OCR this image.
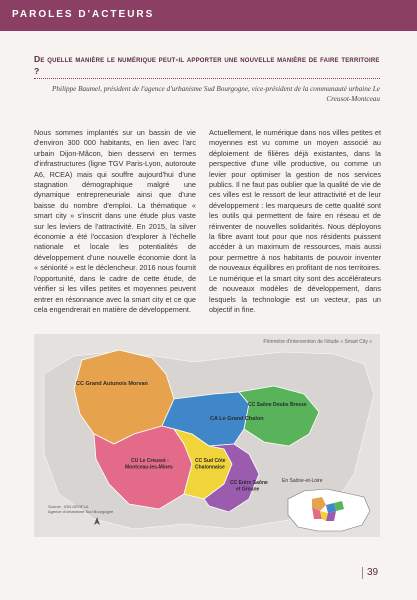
PAROLES D'ACTEURS
De quelle manière le numérique peut-il apporter une nouvelle manière de faire territoire ?
Philippe Baumel, président de l'agence d'urbanisme Sud Bourgogne, vice-président de la communauté urbaine Le Creusot-Montceau
Nous sommes implantés sur un bassin de vie d'environ 300 000 habitants, en lien avec l'arc urbain Dijon-Mâcon, bien desservi en termes d'infrastructures (ligne TGV Paris-Lyon, autoroute A6, RCEA) mais qui souffre aujourd'hui d'une stagnation démographique malgré une dynamique entrepreneuriale ainsi que d'une baisse du nombre d'emploi. La thématique « smart city » s'inscrit dans une étude plus vaste sur les leviers de l'attractivité. En 2015, la silver économie a été l'occasion d'explorer à l'échelle nationale et locale les potentialités de développement d'une nouvelle économie dont la « séniorité » est le déclencheur. 2016 nous fournit l'opportunité, dans le cadre de cette étude, de vérifier si les villes petites et moyennes peuvent entrer en résonnance avec la smart city et ce que cela engendrerait en matière de développement.
Actuellement, le numérique dans nos villes petites et moyennes est vu comme un moyen associé au déploiement de filières déjà existantes, dans la perspective d'une ville productive, ou comme un levier pour optimiser la gestion de nos services publics. Il ne faut pas oublier que la qualité de vie de ces villes est le ressort de leur attractivité et de leur développement : les marqueurs de cette qualité sont les outils qui permettent de faire en réseau et de réinventer de nouvelles solidarités. Nous déployons la fibre avant tout pour que nos résidents puissent accéder à un maximum de ressources, mais aussi pour permettre à nos habitants de pouvoir inventer de nouveaux équilibres en profitant de nos territoires. Le numérique et la smart city sont des accélérateurs de nouveaux modèles de développement, dans lesquels la technologie est un vecteur, pas un objectif in fine.
Périmètre d'intervention de l'étude « Smart City »
CC Grand Autunois Morvan
CA Le Grand Chalon
CC Saône Doubs Bresse
CU Le Creusot - Montceau-les-Mines
CC Sud Côte Chalonnaise
CC Entre Saône et Grosne
Source : IGN GEOFLA
Agence d'urbanisme Sud Bourgogne
En Saône-et-Loire
39
